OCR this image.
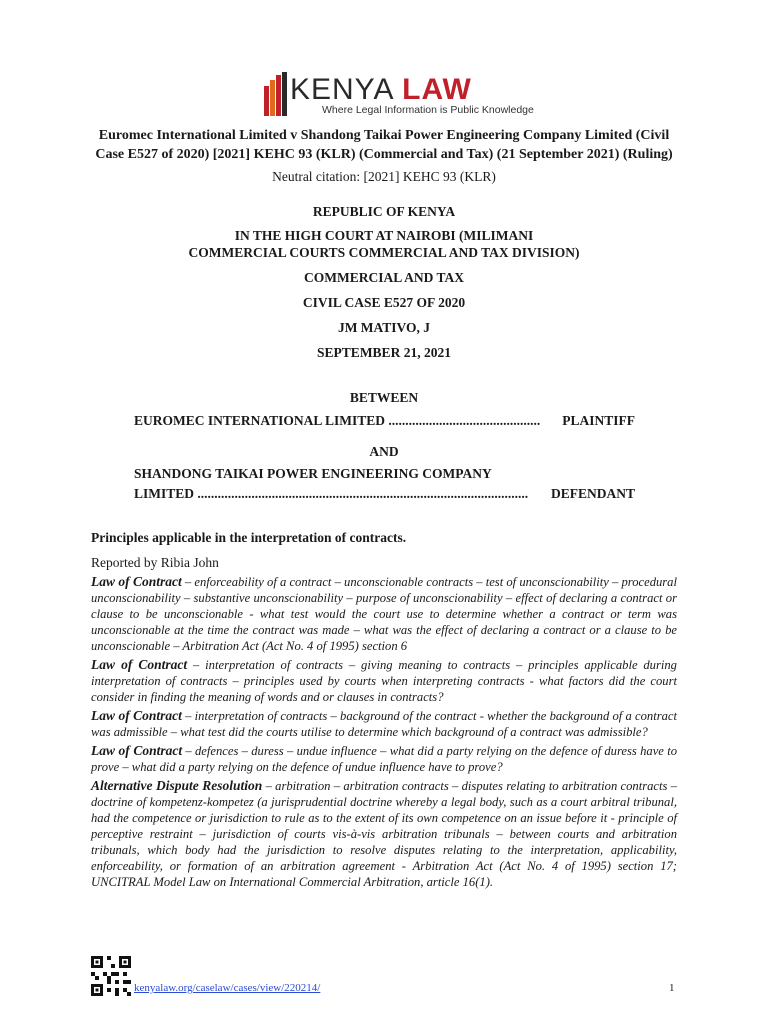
KENYA LAW
Where Legal Information is Public Knowledge
Euromec International Limited v Shandong Taikai Power Engineering Company Limited (Civil Case E527 of 2020) [2021] KEHC 93 (KLR) (Commercial and Tax) (21 September 2021) (Ruling)
Neutral citation: [2021] KEHC 93 (KLR)
REPUBLIC OF KENYA
IN THE HIGH COURT AT NAIROBI (MILIMANI
COMMERCIAL COURTS COMMERCIAL AND TAX DIVISION)
COMMERCIAL AND TAX
CIVIL CASE E527 OF 2020
JM MATIVO, J
SEPTEMBER 21, 2021
BETWEEN
EUROMEC INTERNATIONAL LIMITED ............................................. PLAINTIFF
AND
SHANDONG TAIKAI POWER ENGINEERING COMPANY
LIMITED .................................................................................................. DEFENDANT
Principles applicable in the interpretation of contracts.
Reported by Ribia John

Law of Contract – enforceability of a contract – unconscionable contracts – test of unconscionability – procedural unconscionability – substantive unconscionability – purpose of unconscionability – effect of declaring a contract or clause to be unconscionable - what test would the court use to determine whether a contract or term was unconscionable at the time the contract was made – what was the effect of declaring a contract or a clause to be unconscionable – Arbitration Act (Act No. 4 of 1995) section 6

Law of Contract – interpretation of contracts – giving meaning to contracts – principles applicable during interpretation of contracts – principles used by courts when interpreting contracts - what factors did the court consider in finding the meaning of words and or clauses in contracts?

Law of Contract – interpretation of contracts – background of the contract - whether the background of a contract was admissible – what test did the courts utilise to determine which background of a contract was admissible?

Law of Contract – defences – duress – undue influence – what did a party relying on the defence of duress have to prove – what did a party relying on the defence of undue influence have to prove?

Alternative Dispute Resolution – arbitration – arbitration contracts – disputes relating to arbitration contracts – doctrine of kompetenz-kompetez (a jurisprudential doctrine whereby a legal body, such as a court arbitral tribunal, had the competence or jurisdiction to rule as to the extent of its own competence on an issue before it - principle of perceptive restraint – jurisdiction of courts vis-à-vis arbitration tribunals – between courts and arbitration tribunals, which body had the jurisdiction to resolve disputes relating to the interpretation, applicability, enforceability, or formation of an arbitration agreement - Arbitration Act (Act No. 4 of 1995) section 17; UNCITRAL Model Law on International Commercial Arbitration, article 16(1).

kenyalaw.org/caselaw/cases/view/220214/	1
